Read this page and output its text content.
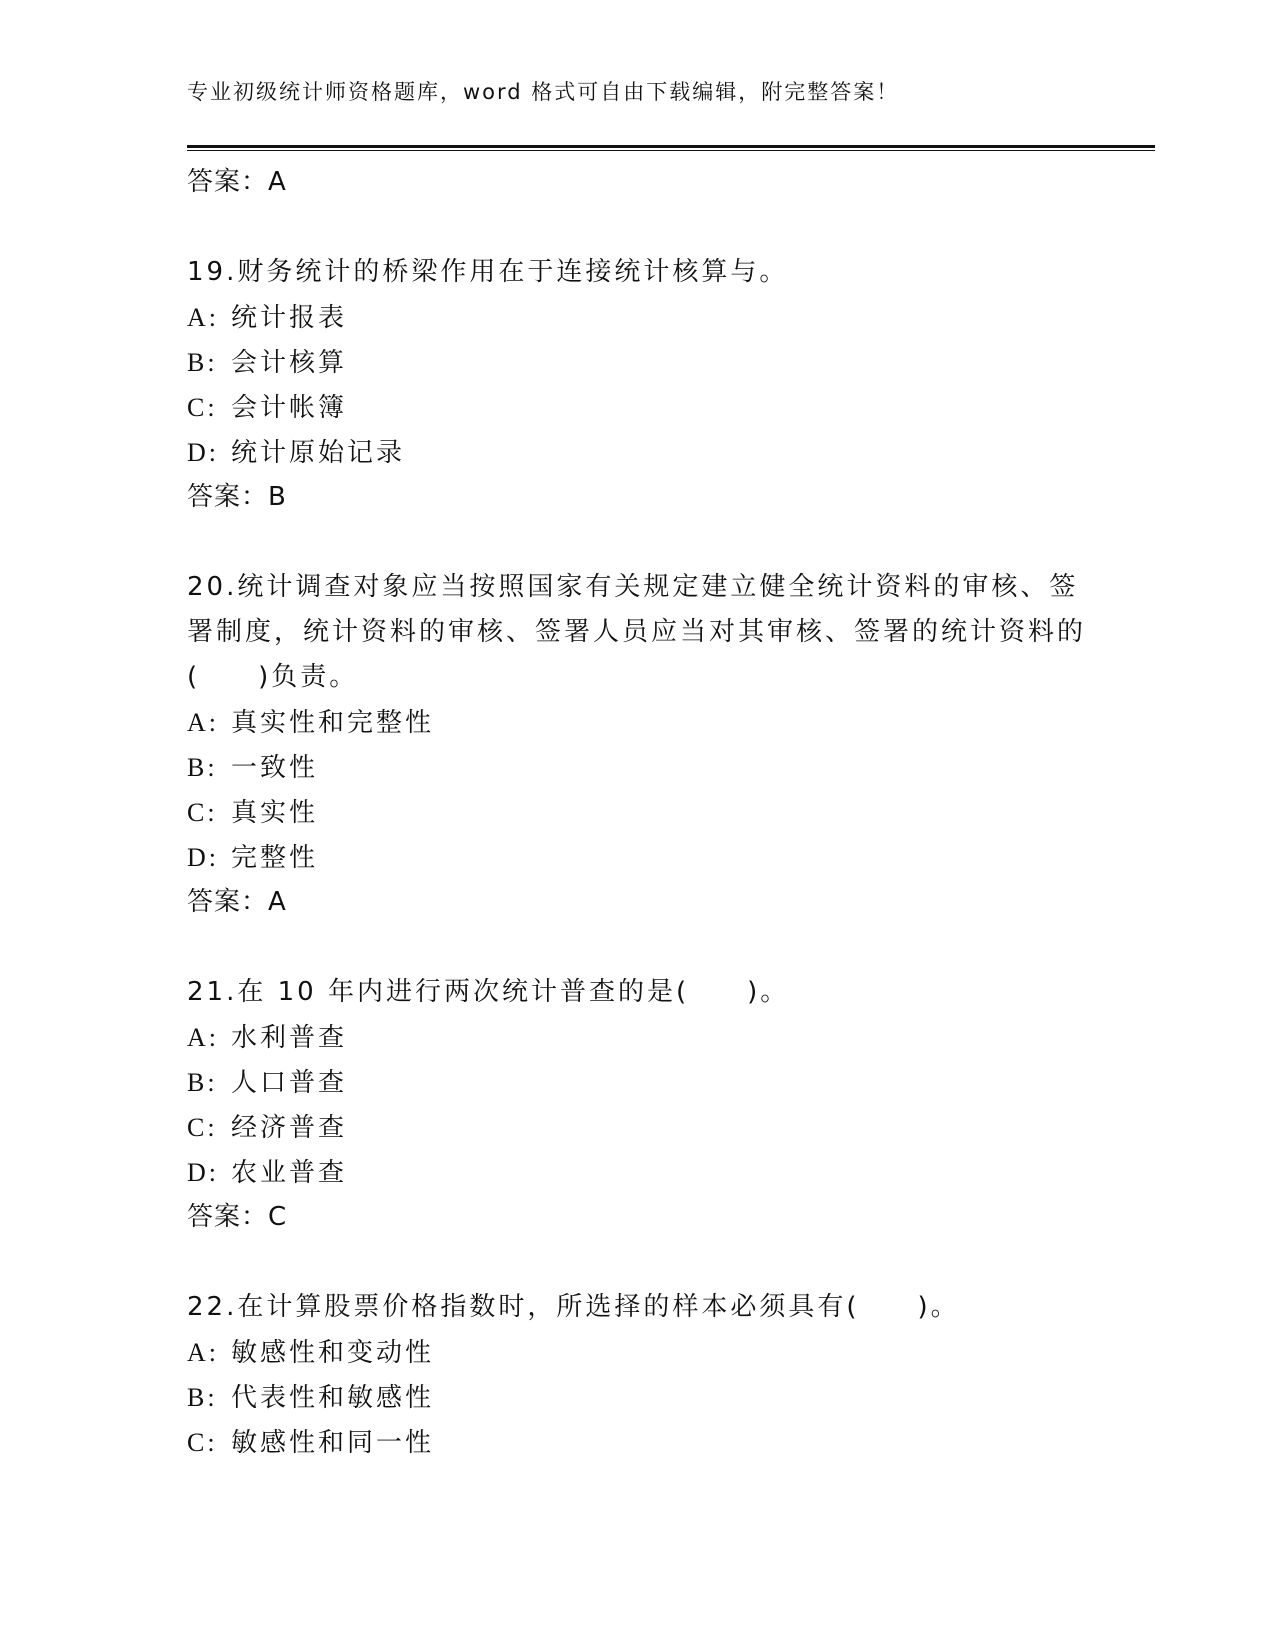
专业初级统计师资格题库，word 格式可自由下载编辑，附完整答案！
答案：A
19.财务统计的桥梁作用在于连接统计核算与。
A: 统计报表
B: 会计核算
C: 会计帐簿
D: 统计原始记录
答案：B
20.统计调查对象应当按照国家有关规定建立健全统计资料的审核、签署制度，统计资料的审核、签署人员应当对其审核、签署的统计资料的(　　)负责。
A: 真实性和完整性
B: 一致性
C: 真实性
D: 完整性
答案：A
21.在 10 年内进行两次统计普查的是(　　)。
A: 水利普查
B: 人口普查
C: 经济普查
D: 农业普查
答案：C
22.在计算股票价格指数时，所选择的样本必须具有(　　)。
A: 敏感性和变动性
B: 代表性和敏感性
C: 敏感性和同一性
